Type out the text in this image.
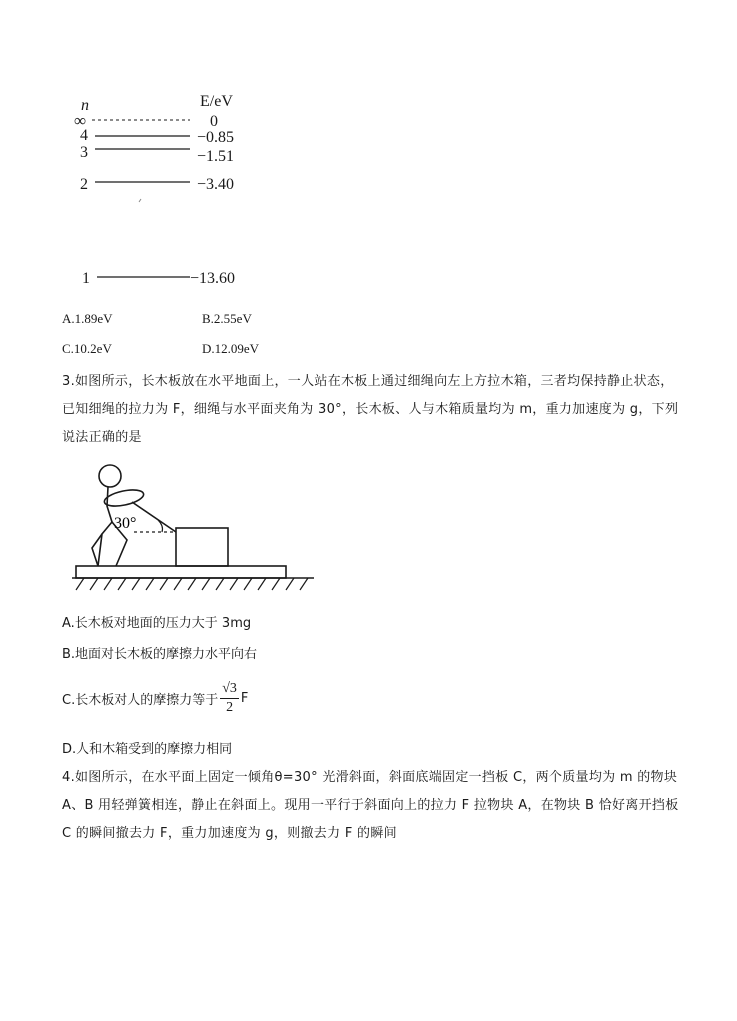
n	E/eV
∞	0
4	−0.85
3	−1.51
2	−3.40
1	−13.60
A.1.89eV	B.2.55eV
C.10.2eV	D.12.09eV
3.如图所示，长木板放在水平地面上，一人站在木板上通过细绳向左上方拉木箱，三者均保持静止状态，已知细绳的拉力为 F，细绳与水平面夹角为 30°，长木板、人与木箱质量均为 m，重力加速度为 g，下列说法正确的是
30°
A.长木板对地面的压力大于 3mg
B.地面对长木板的摩擦力水平向右
C.长木板对人的摩擦力等于 $\frac{√3}{2}$ F
D.人和木箱受到的摩擦力相同
4.如图所示，在水平面上固定一倾角θ=30° 光滑斜面，斜面底端固定一挡板 C，两个质量均为 m 的物块 A、B 用轻弹簧相连，静止在斜面上。现用一平行于斜面向上的拉力 F 拉物块 A，在物块 B 恰好离开挡板 C 的瞬间撤去力 F，重力加速度为 g，则撤去力 F 的瞬间
